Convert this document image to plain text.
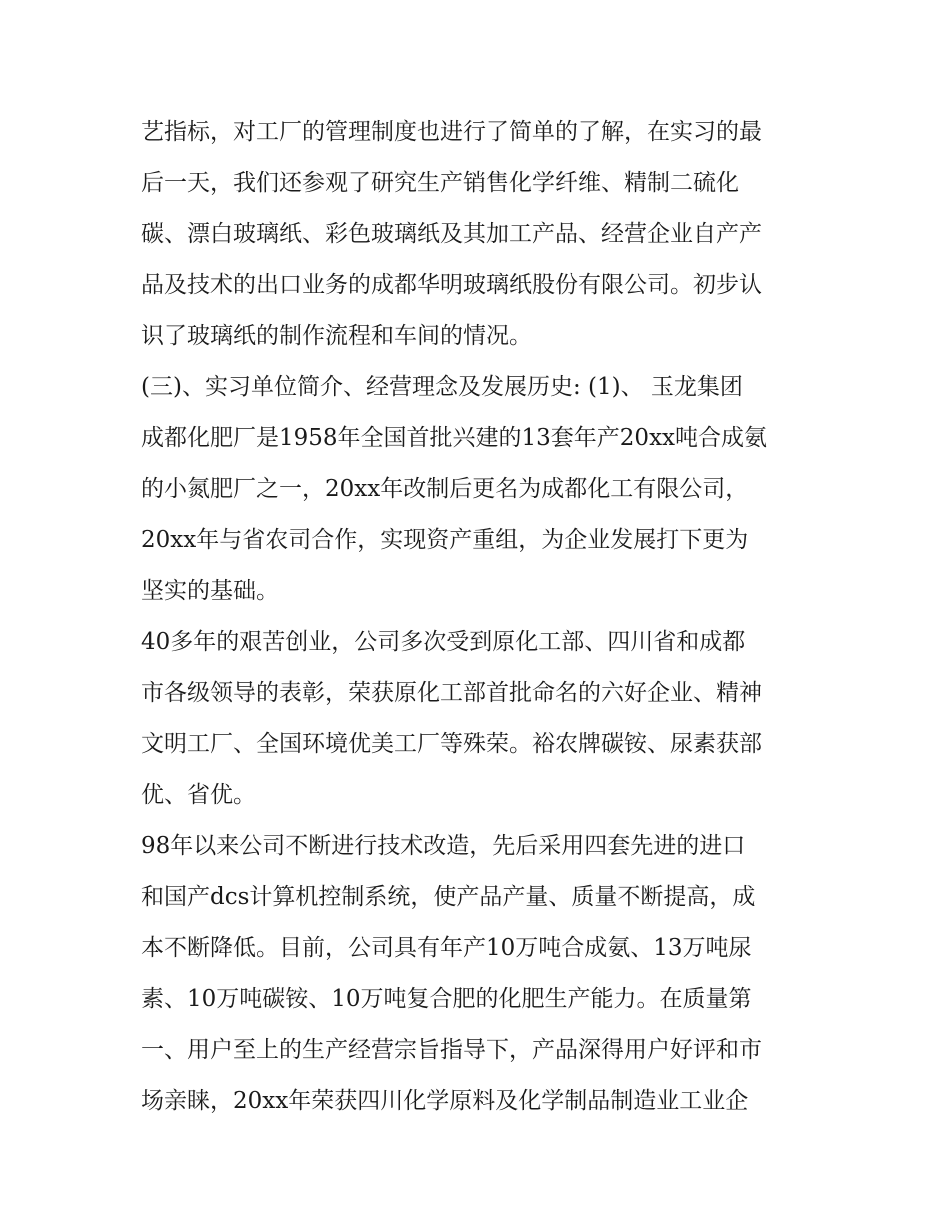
艺指标，对工厂的管理制度也进行了简单的了解，在实习的最
后一天，我们还参观了研究生产销售化学纤维、精制二硫化
碳、漂白玻璃纸、彩色玻璃纸及其加工产品、经营企业自产产
品及技术的出口业务的成都华明玻璃纸股份有限公司。初步认
识了玻璃纸的制作流程和车间的情况。
(三)、实习单位简介、经营理念及发展历史: (1)、 玉龙集团
成都化肥厂是1958年全国首批兴建的13套年产20xx吨合成氨
的小氮肥厂之一，20xx年改制后更名为成都化工有限公司，
20xx年与省农司合作，实现资产重组，为企业发展打下更为
坚实的基础。
40多年的艰苦创业，公司多次受到原化工部、四川省和成都
市各级领导的表彰，荣获原化工部首批命名的六好企业、精神
文明工厂、全国环境优美工厂等殊荣。裕农牌碳铵、尿素获部
优、省优。
98年以来公司不断进行技术改造，先后采用四套先进的进口
和国产dcs计算机控制系统，使产品产量、质量不断提高，成
本不断降低。目前，公司具有年产10万吨合成氨、13万吨尿
素、10万吨碳铵、10万吨复合肥的化肥生产能力。在质量第
一、用户至上的生产经营宗旨指导下，产品深得用户好评和市
场亲睐，20xx年荣获四川化学原料及化学制品制造业工业企
